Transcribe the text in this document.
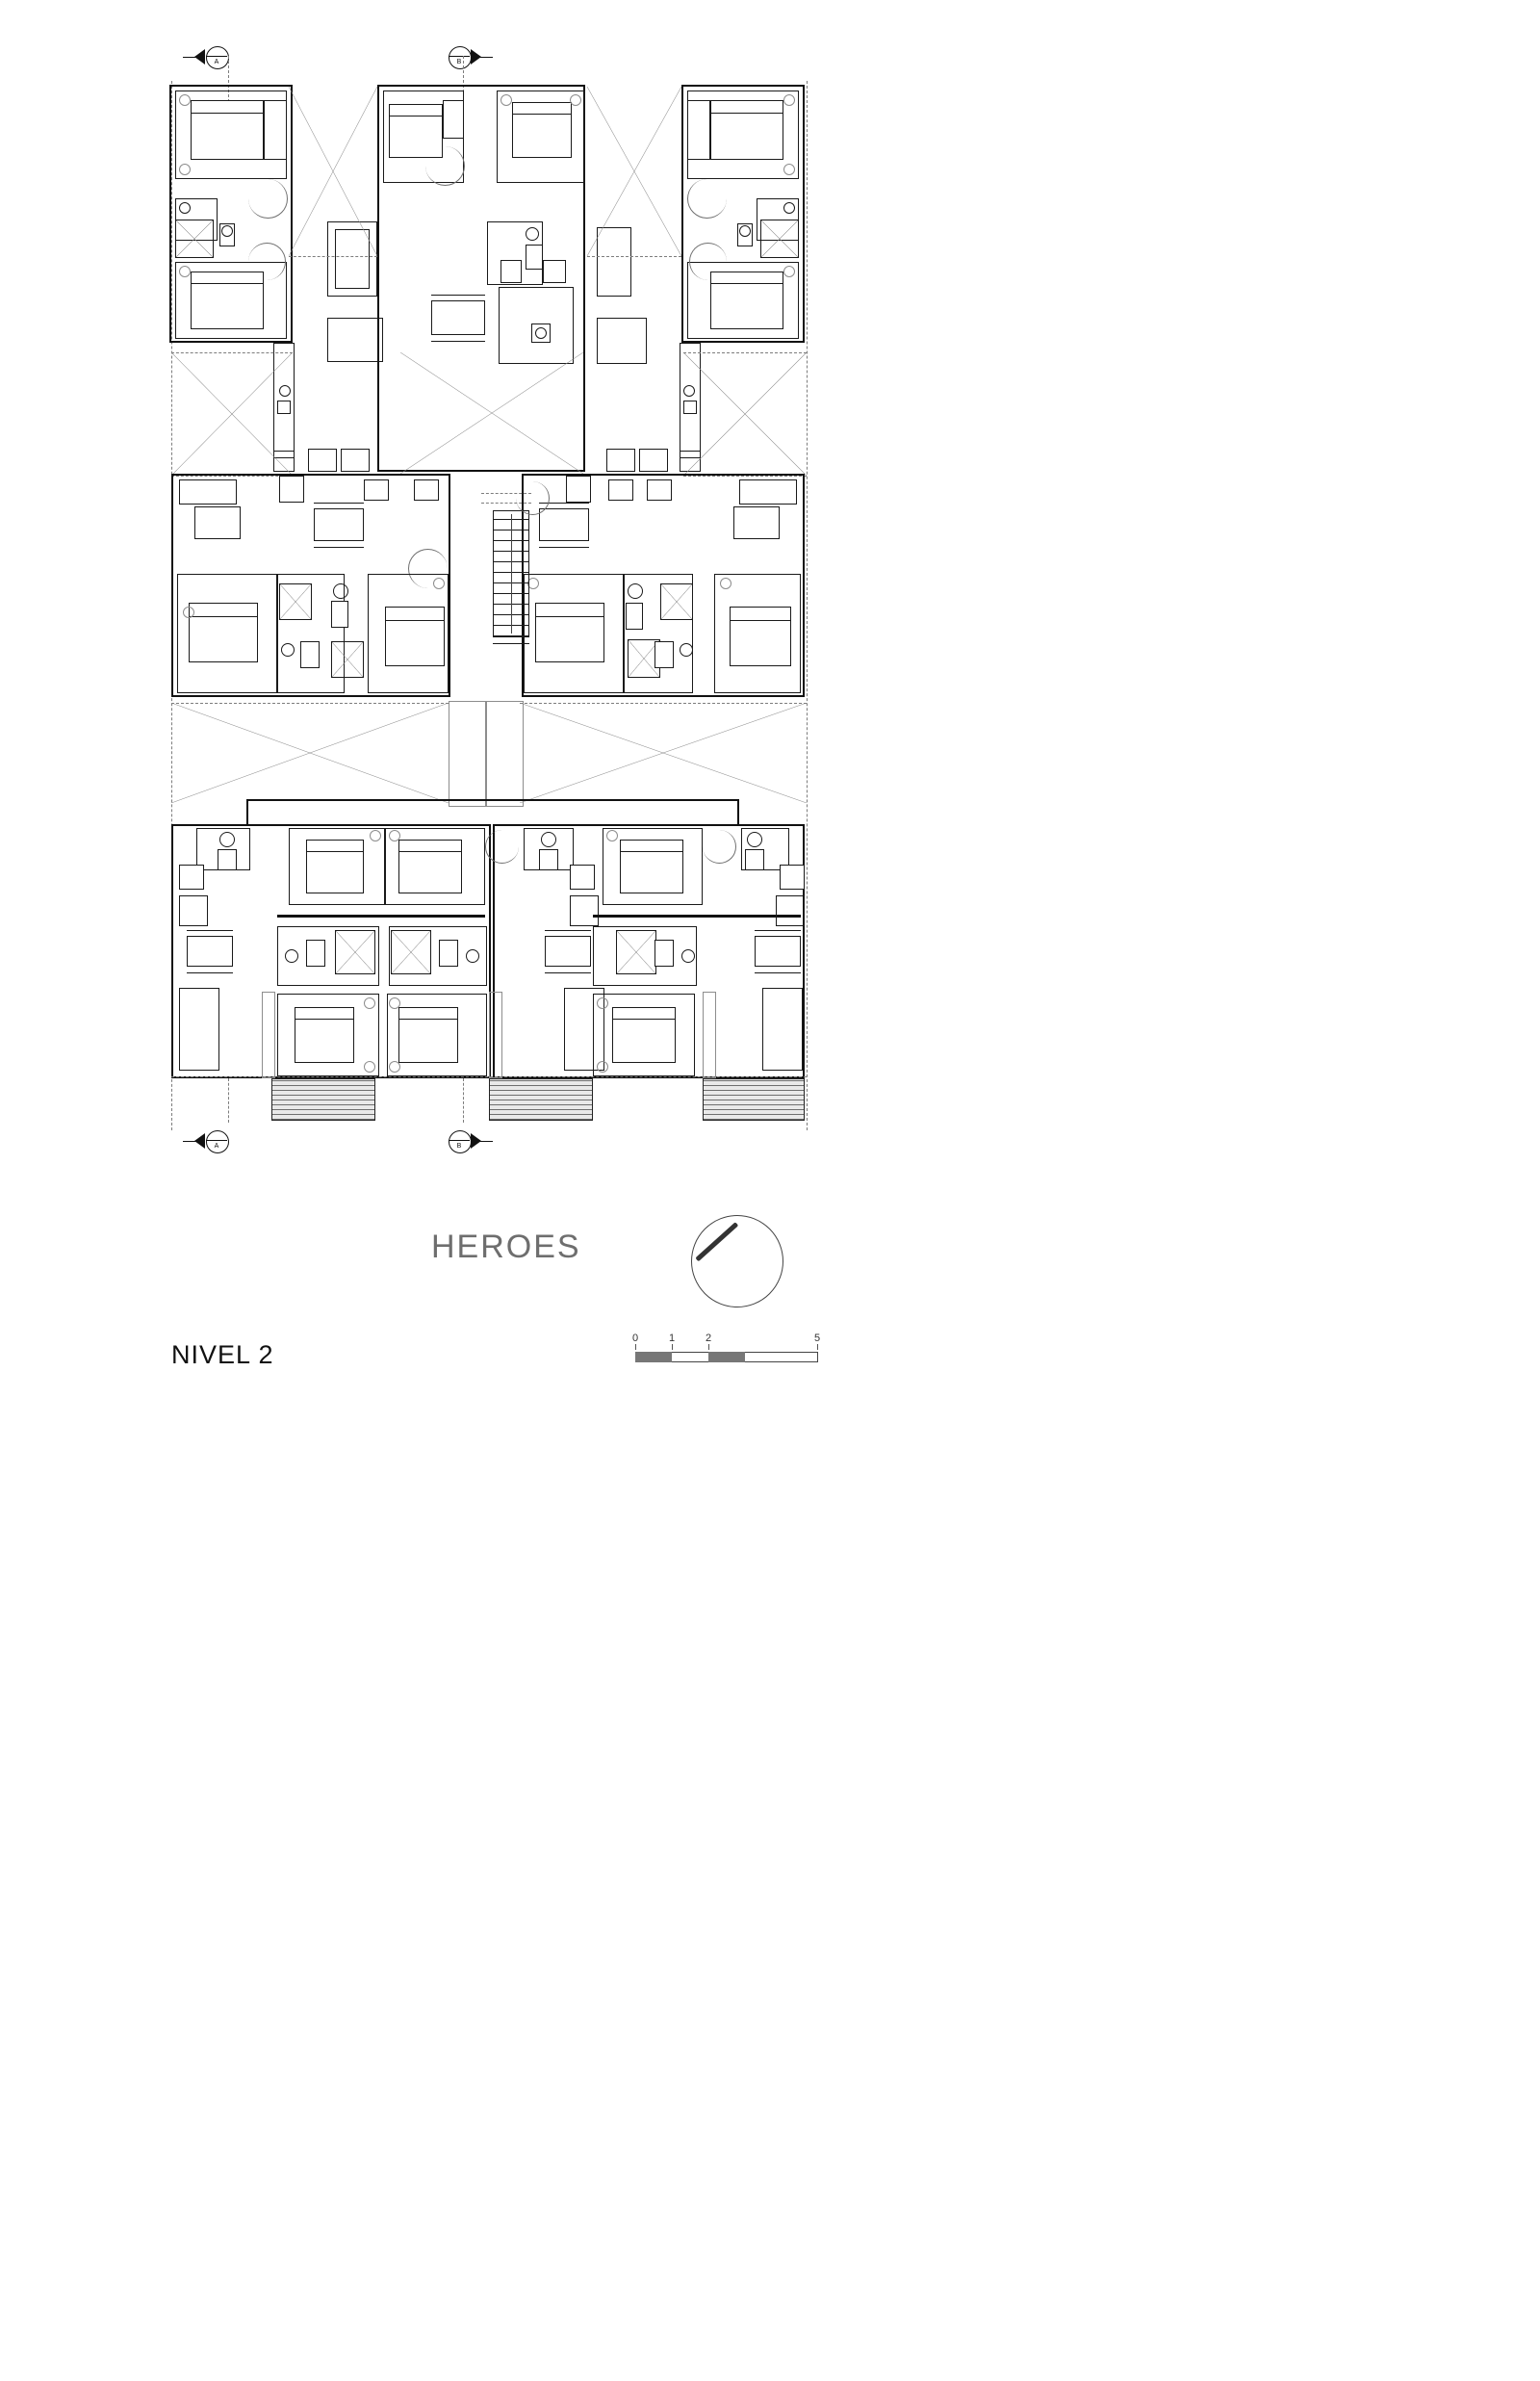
A	B
A	B
HEROES
NIVEL 2
0	1	2	5
